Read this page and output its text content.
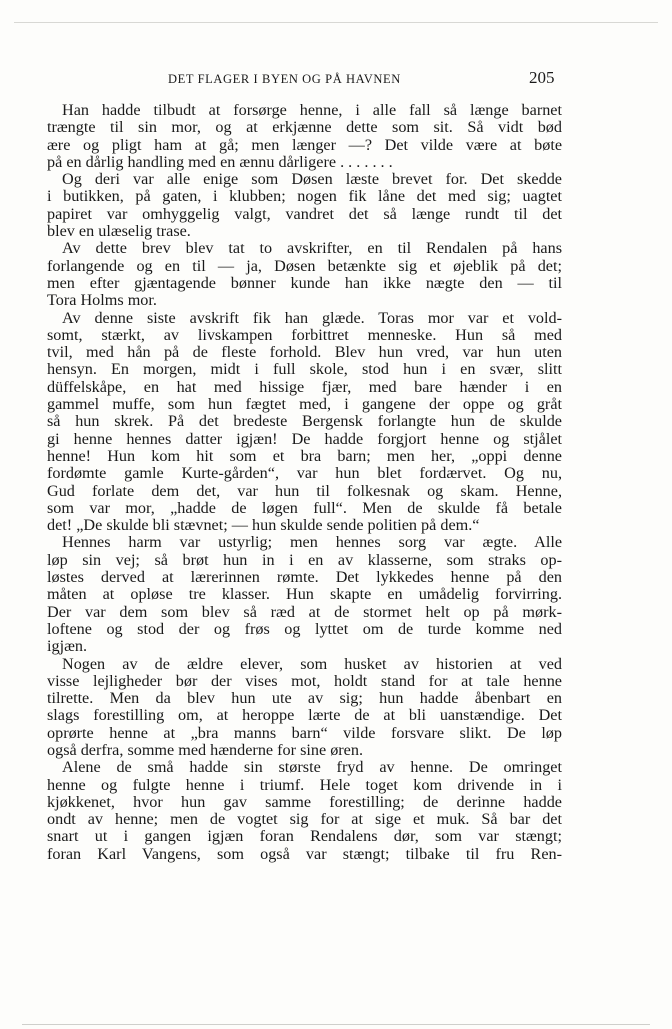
DET FLAGER I BYEN OG PÅ HAVNEN	205
Han hadde tilbudt at forsørge henne, i alle fall så længe barnet
trængte til sin mor, og at erkjænne dette som sit. Så vidt bød
ære og pligt ham at gå; men længer —? Det vilde være at bøte
på en dårlig handling med en ænnu dårligere . . . . . . .
Og deri var alle enige som Døsen læste brevet for. Det skedde
i butikken, på gaten, i klubben; nogen fik låne det med sig; uagtet
papiret var omhyggelig valgt, vandret det så længe rundt til det
blev en ulæselig trase.
Av dette brev blev tat to avskrifter, en til Rendalen på hans
forlangende og en til — ja, Døsen betænkte sig et øjeblik på det;
men efter gjæntagende bønner kunde han ikke nægte den — til
Tora Holms mor.
Av denne siste avskrift fik han glæde. Toras mor var et vold-
somt, stærkt, av livskampen forbittret menneske. Hun så med
tvil, med hån på de fleste forhold. Blev hun vred, var hun uten
hensyn. En morgen, midt i full skole, stod hun i en svær, slitt
düffelskåpe, en hat med hissige fjær, med bare hænder i en
gammel muffe, som hun fægtet med, i gangene der oppe og gråt
så hun skrek. På det bredeste Bergensk forlangte hun de skulde
gi henne hennes datter igjæn! De hadde forgjort henne og stjålet
henne! Hun kom hit som et bra barn; men her, „oppi denne
fordømte gamle Kurte-gården“, var hun blet fordærvet. Og nu,
Gud forlate dem det, var hun til folkesnak og skam. Henne,
som var mor, „hadde de løgen full“. Men de skulde få betale
det! „De skulde bli stævnet; — hun skulde sende politien på dem.“
Hennes harm var ustyrlig; men hennes sorg var ægte. Alle
løp sin vej; så brøt hun in i en av klasserne, som straks op-
løstes derved at lærerinnen rømte. Det lykkedes henne på den
måten at opløse tre klasser. Hun skapte en umådelig forvirring.
Der var dem som blev så ræd at de stormet helt op på mørk-
loftene og stod der og frøs og lyttet om de turde komme ned
igjæn.
Nogen av de ældre elever, som husket av historien at ved
visse lejligheder bør der vises mot, holdt stand for at tale henne
tilrette. Men da blev hun ute av sig; hun hadde åbenbart en
slags forestilling om, at heroppe lærte de at bli uanstændige. Det
oprørte henne at „bra manns barn“ vilde forsvare slikt. De løp
også derfra, somme med hænderne for sine øren.
Alene de små hadde sin største fryd av henne. De omringet
henne og fulgte henne i triumf. Hele toget kom drivende in i
kjøkkenet, hvor hun gav samme forestilling; de derinne hadde
ondt av henne; men de vogtet sig for at sige et muk. Så bar det
snart ut i gangen igjæn foran Rendalens dør, som var stængt;
foran Karl Vangens, som også var stængt; tilbake til fru Ren-
